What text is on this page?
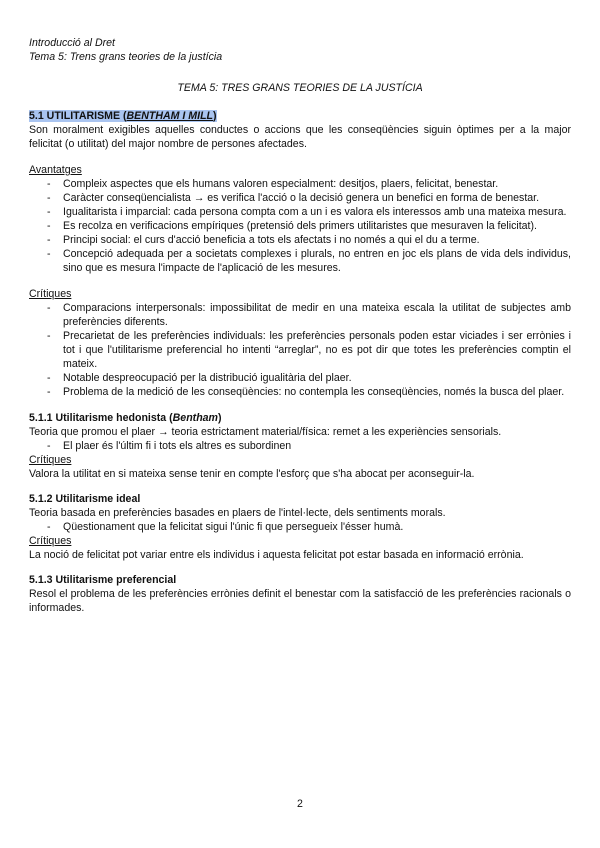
Introducció al Dret
Tema 5: Trens grans teories de la justícia
TEMA 5: TRES GRANS TEORIES DE LA JUSTÍCIA
5.1 UTILITARISME (BENTHAM I MILL)

Son moralment exigibles aquelles conductes o accions que les conseqüències siguin òptimes per a la major felicitat (o utilitat) del major nombre de persones afectades.

Avantatges
- Compleix aspectes que els humans valoren especialment: desitjos, plaers, felicitat, benestar.
- Caràcter conseqüencialista → es verifica l'acció o la decisió genera un benefici en forma de benestar.
- Igualitarista i imparcial: cada persona compta com a un i es valora els interessos amb una mateixa mesura.
- Es recolza en verificacions empíriques (pretensió dels primers utilitaristes que mesuraven la felicitat).
- Principi social: el curs d'acció beneficia a tots els afectats i no només a qui el du a terme.
- Concepció adequada per a societats complexes i plurals, no entren en joc els plans de vida dels individus, sino que es mesura l'impacte de l'aplicació de les mesures.
Crítiques
- Comparacions interpersonals: impossibilitat de medir en una mateixa escala la utilitat de subjectes amb preferències diferents.
- Precarietat de les preferències individuals: les preferències personals poden estar viciades i ser errònies i tot i que l'utilitarisme preferencial ho intenti “arreglar”, no es pot dir que totes les preferències comptin el mateix.
- Notable despreocupació per la distribució igualitària del plaer.
- Problema de la medició de les conseqüències: no contempla les conseqüències, només la busca del plaer.
5.1.1 Utilitarisme hedonista (Bentham)

Teoria que promou el plaer → teoria estrictament material/física: remet a les experiències sensorials.

- El plaer és l'últim fi i tots els altres es subordinen
Crítiques

Valora la utilitat en si mateixa sense tenir en compte l'esforç que s'ha abocat per aconseguir-la.

5.1.2 Utilitarisme ideal

Teoria basada en preferències basades en plaers de l'intel·lecte, dels sentiments morals.

- Qüestionament que la felicitat sigui l'únic fi que persegueix l'ésser humà.
Crítiques

La noció de felicitat pot variar entre els individus i aquesta felicitat pot estar basada en informació errònia.

5.1.3 Utilitarisme preferencial

Resol el problema de les preferències errònies definit el benestar com la satisfacció de les preferències racionals o informades.

2
